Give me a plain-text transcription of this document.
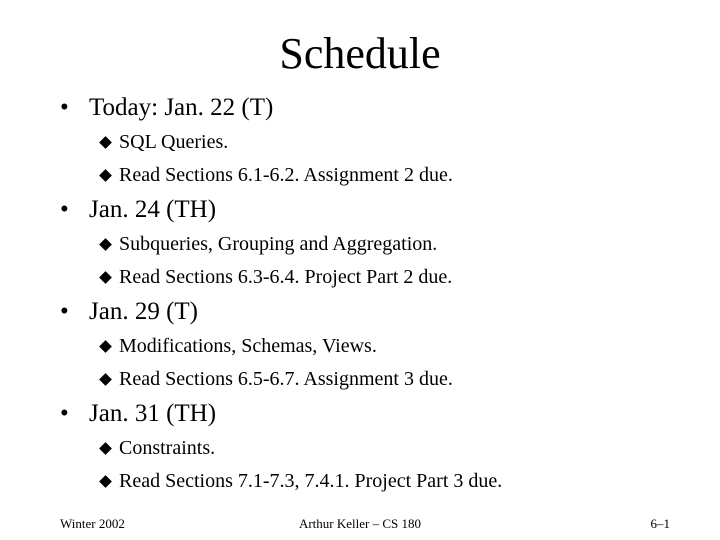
Schedule
• Today: Jan. 22 (T)
SQL Queries.
Read Sections 6.1-6.2. Assignment 2 due.
• Jan. 24 (TH)
Subqueries, Grouping and Aggregation.
Read Sections 6.3-6.4. Project Part 2 due.
• Jan. 29 (T)
Modifications, Schemas, Views.
Read Sections 6.5-6.7. Assignment 3 due.
• Jan. 31 (TH)
Constraints.
Read Sections 7.1-7.3, 7.4.1. Project Part 3 due.
Winter 2002	Arthur Keller – CS 180	6–1
